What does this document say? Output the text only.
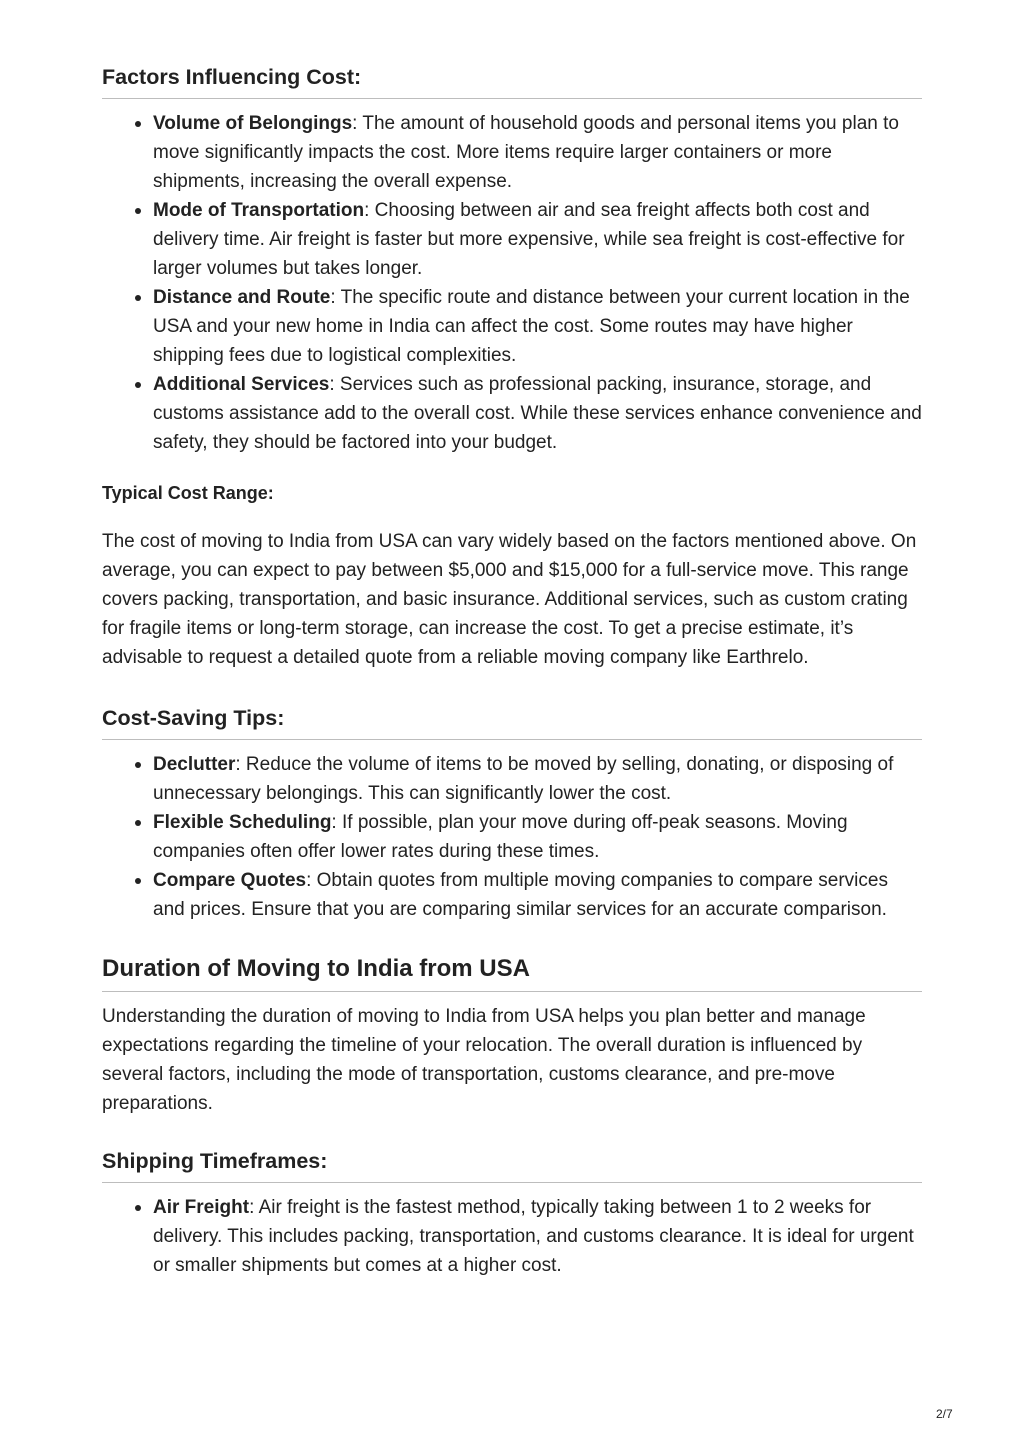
Factors Influencing Cost:
Volume of Belongings: The amount of household goods and personal items you plan to move significantly impacts the cost. More items require larger containers or more shipments, increasing the overall expense.
Mode of Transportation: Choosing between air and sea freight affects both cost and delivery time. Air freight is faster but more expensive, while sea freight is cost-effective for larger volumes but takes longer.
Distance and Route: The specific route and distance between your current location in the USA and your new home in India can affect the cost. Some routes may have higher shipping fees due to logistical complexities.
Additional Services: Services such as professional packing, insurance, storage, and customs assistance add to the overall cost. While these services enhance convenience and safety, they should be factored into your budget.
Typical Cost Range:

The cost of moving to India from USA can vary widely based on the factors mentioned above. On average, you can expect to pay between $5,000 and $15,000 for a full-service move. This range covers packing, transportation, and basic insurance. Additional services, such as custom crating for fragile items or long-term storage, can increase the cost. To get a precise estimate, it’s advisable to request a detailed quote from a reliable moving company like Earthrelo.

Cost-Saving Tips:
Declutter: Reduce the volume of items to be moved by selling, donating, or disposing of unnecessary belongings. This can significantly lower the cost.
Flexible Scheduling: If possible, plan your move during off-peak seasons. Moving companies often offer lower rates during these times.
Compare Quotes: Obtain quotes from multiple moving companies to compare services and prices. Ensure that you are comparing similar services for an accurate comparison.
Duration of Moving to India from USA

Understanding the duration of moving to India from USA helps you plan better and manage expectations regarding the timeline of your relocation. The overall duration is influenced by several factors, including the mode of transportation, customs clearance, and pre-move preparations.

Shipping Timeframes:
Air Freight: Air freight is the fastest method, typically taking between 1 to 2 weeks for delivery. This includes packing, transportation, and customs clearance. It is ideal for urgent or smaller shipments but comes at a higher cost.
2/7
